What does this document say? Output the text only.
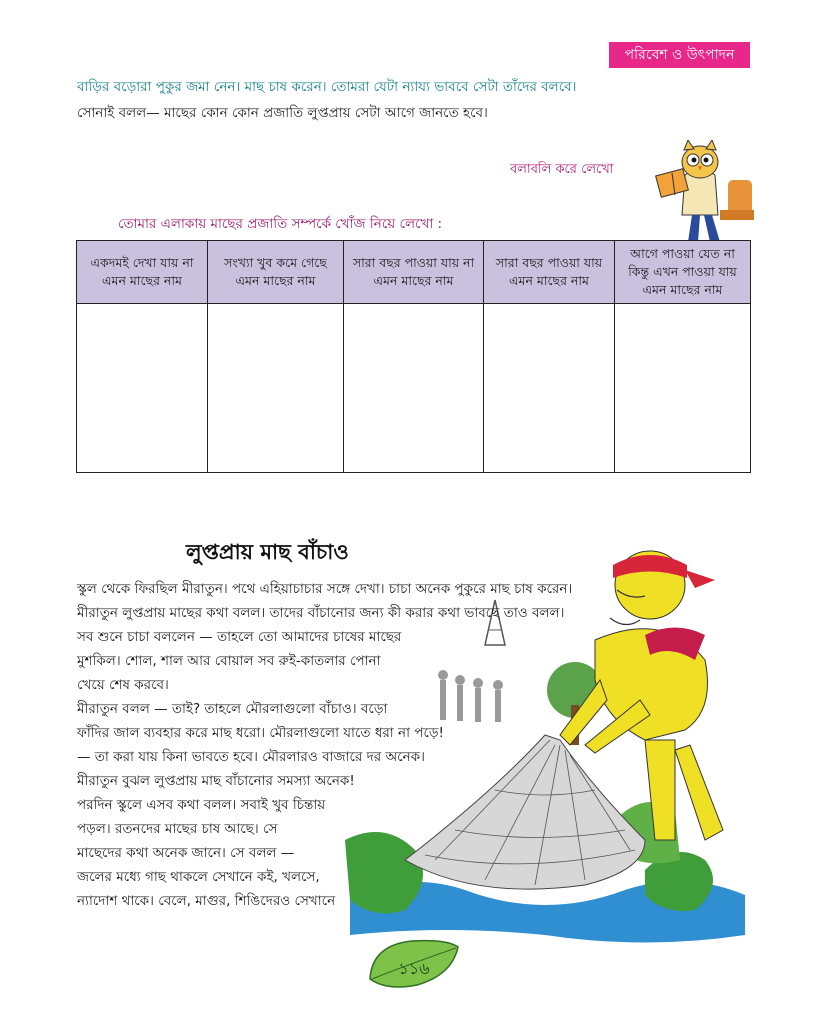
পরিবেশ ও উৎপাদন
বাড়ির বড়োরা পুকুর জমা নেন। মাছ চাষ করেন। তোমরা যেটা ন্যায্য ভাববে সেটা তাঁদের বলবে।
সোনাই বলল— মাছের কোন কোন প্রজাতি লুপ্তপ্রায় সেটা আগে জানতে হবে।
বলাবলি করে লেখো
তোমার এলাকায় মাছের প্রজাতি সম্পর্কে খোঁজ নিয়ে লেখো :
একদমই দেখা যায় না এমন মাছের নাম	সংখ্যা খুব কমে গেছে এমন মাছের নাম	সারা বছর পাওয়া যায় না এমন মাছের নাম	সারা বছর পাওয়া যায় এমন মাছের নাম	আগে পাওয়া যেত না কিন্তু এখন পাওয়া যায় এমন মাছের নাম

লুপ্তপ্রায় মাছ বাঁচাও

স্কুল থেকে ফিরছিল মীরাতুন। পথে এহিয়াচাচার সঙ্গে দেখা। চাচা অনেক পুকুরে মাছ চাষ করেন।

মীরাতুন লুপ্তপ্রায় মাছের কথা বলল। তাদের বাঁচানোর জন্য কী করার কথা ভাবছে তাও বলল।

সব শুনে চাচা বললেন — তাহলে তো আমাদের চাষের মাছের

মুশকিল। শোল, শাল আর বোয়াল সব রুই-কাতলার পোনা

খেয়ে শেষ করবে।

মীরাতুন বলল — তাই? তাহলে মৌরলাগুলো বাঁচাও। বড়ো

ফাঁদির জাল ব্যবহার করে মাছ ধরো। মৌরলাগুলো যাতে ধরা না পড়ে!

— তা করা যায় কিনা ভাবতে হবে। মৌরলারও বাজারে দর অনেক।

মীরাতুন বুঝল লুপ্তপ্রায় মাছ বাঁচানোর সমস্যা অনেক!

পরদিন স্কুলে এসব কথা বলল। সবাই খুব চিন্তায়

পড়ল। রতনদের মাছের চাষ আছে। সে

মাছেদের কথা অনেক জানে। সে বলল —

জলের মধ্যে গাছ থাকলে সেখানে কই, খলসে,

ন্যাদোশ থাকে। বেলে, মাগুর, শিঙিদেরও সেখানে

১১৬
